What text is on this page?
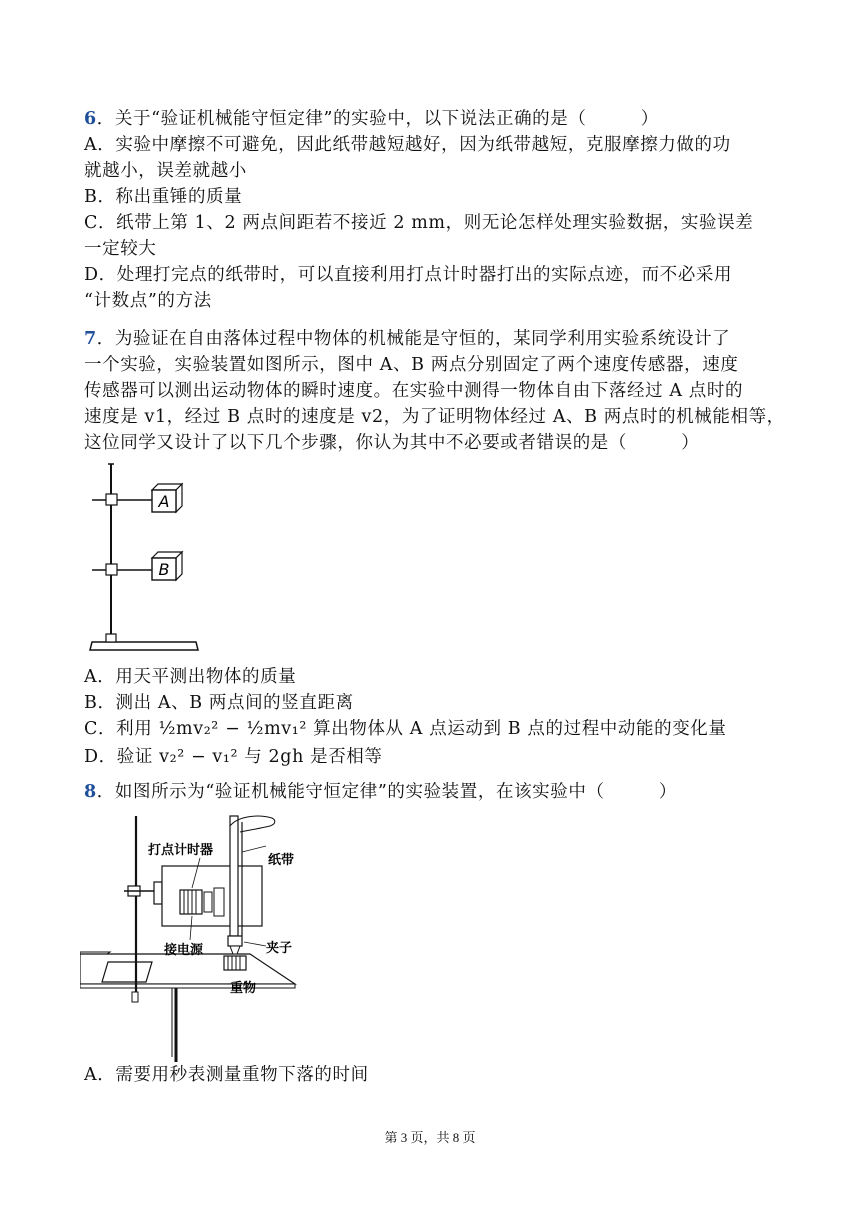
6．关于“验证机械能守恒定律”的实验中，以下说法正确的是（　　　）
A．实验中摩擦不可避免，因此纸带越短越好，因为纸带越短，克服摩擦力做的功
就越小，误差就越小
B．称出重锤的质量
C．纸带上第 1、2 两点间距若不接近 2 mm，则无论怎样处理实验数据，实验误差
一定较大
D．处理打完点的纸带时，可以直接利用打点计时器打出的实际点迹，而不必采用
“计数点”的方法
7．为验证在自由落体过程中物体的机械能是守恒的，某同学利用实验系统设计了
一个实验，实验装置如图所示，图中 A、B 两点分别固定了两个速度传感器，速度
传感器可以测出运动物体的瞬时速度。在实验中测得一物体自由下落经过 A 点时的
速度是 v1，经过 B 点时的速度是 v2，为了证明物体经过 A、B 两点时的机械能相等，
这位同学又设计了以下几个步骤，你认为其中不必要或者错误的是（　　　）
A
B
A．用天平测出物体的质量
B．测出 A、B 两点间的竖直距离
C．利用 ½mv₂² − ½mv₁² 算出物体从 A 点运动到 B 点的过程中动能的变化量
D．验证 v₂² − v₁² 与 2gh 是否相等
8．如图所示为“验证机械能守恒定律”的实验装置，在该实验中（　　　）
打点计时器
纸带
接电源	夹子
重物
A．需要用秒表测量重物下落的时间
第 3 页，共 8 页
